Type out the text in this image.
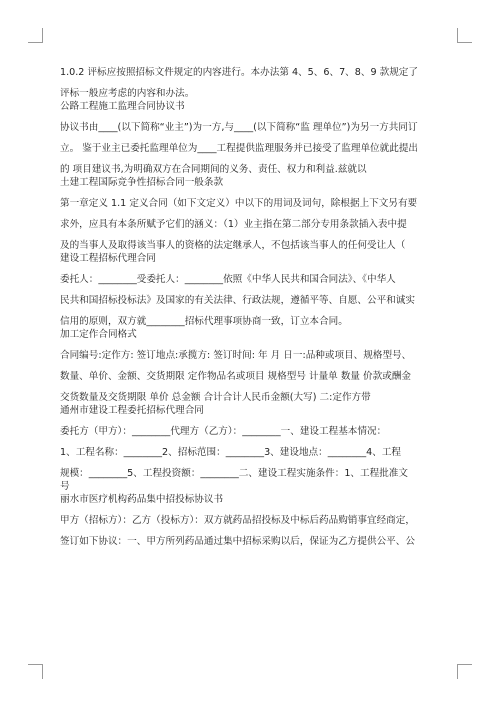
1.0.2 评标应按照招标文件规定的内容进行。本办法第 4、5、6、7、8、9 款规定了
评标一般应考虑的内容和办法。
公路工程施工监理合同协议书
协议书由____(以下简称“业主”)为一方,与____(以下简称“监 理单位”)为另一方共同订
立。 鉴于业主已委托监理单位为____工程提供监理服务并已接受了监理单位就此提出
的 项目建议书,为明确双方在合同期间的义务、责任、权力和利益.兹就以
土建工程国际竞争性招标合同一般条款
第一章定义 1.1 定义合同（如下文定义）中以下的用词及词句，除根据上下文另有要
求外，应具有本条所赋予它们的涵义：（1）业主指在第二部分专用条款插入表中提
及的当事人及取得该当事人的资格的法定继承人，不包括该当事人的任何受让人（
建设工程招标代理合同
委托人：________受委托人：________依照《中华人民共和国合同法》、《中华人
民共和国招标投标法》及国家的有关法律、行政法规，遵循平等、自愿、公平和诚实
信用的原则，双方就________招标代理事项协商一致，订立本合同。
加工定作合同格式
合同编号:定作方: 签订地点:承揽方: 签订时间: 年 月 日一:品种或项目、规格型号、
数量、单价、金额、交货期限 定作物品名或项目 规格型号 计量单 数量 价款或酬金
交货数量及交货期限 单价 总金额 合计合计人民币金额(大写) 二:定作方带
通州市建设工程委托招标代理合同
委托方（甲方）：________代理方（乙方）：________一、建设工程基本情况：
1、工程名称：________2、招标范围：________3、建设地点：________4、工程
规模：________5、工程投资额：________二、建设工程实施条件：1、工程批准文
号
丽水市医疗机构药品集中招投标协议书
甲方（招标方）：乙方（投标方）：双方就药品招投标及中标后药品购销事宜经商定，
签订如下协议：一、甲方所列药品通过集中招标采购以后，保证为乙方提供公平、公
